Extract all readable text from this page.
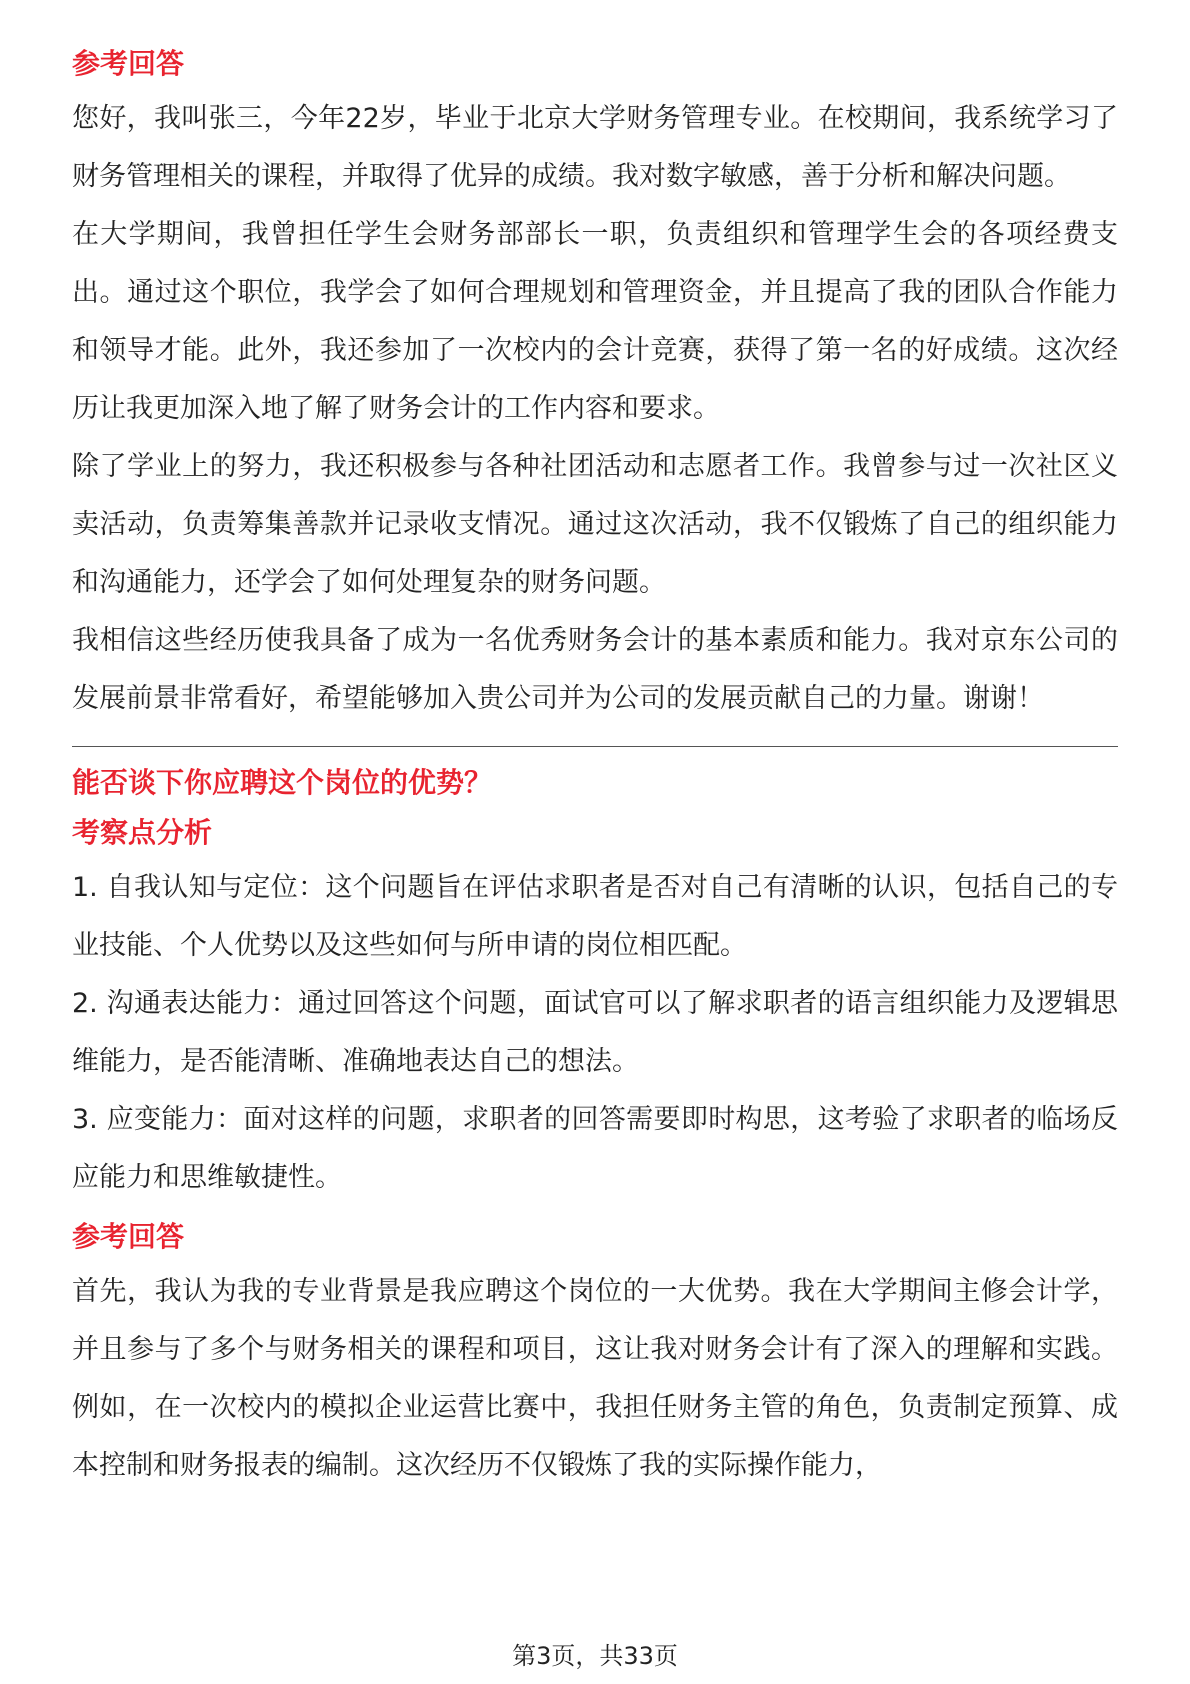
参考回答

您好，我叫张三，今年22岁，毕业于北京大学财务管理专业。在校期间，我系统学习了财务管理相关的课程，并取得了优异的成绩。我对数字敏感，善于分析和解决问题。

在大学期间，我曾担任学生会财务部部长一职，负责组织和管理学生会的各项经费支出。通过这个职位，我学会了如何合理规划和管理资金，并且提高了我的团队合作能力和领导才能。此外，我还参加了一次校内的会计竞赛，获得了第一名的好成绩。这次经历让我更加深入地了解了财务会计的工作内容和要求。

除了学业上的努力，我还积极参与各种社团活动和志愿者工作。我曾参与过一次社区义卖活动，负责筹集善款并记录收支情况。通过这次活动，我不仅锻炼了自己的组织能力和沟通能力，还学会了如何处理复杂的财务问题。

我相信这些经历使我具备了成为一名优秀财务会计的基本素质和能力。我对京东公司的发展前景非常看好，希望能够加入贵公司并为公司的发展贡献自己的力量。谢谢！

能否谈下你应聘这个岗位的优势？
考察点分析

1. 自我认知与定位：这个问题旨在评估求职者是否对自己有清晰的认识，包括自己的专业技能、个人优势以及这些如何与所申请的岗位相匹配。

2. 沟通表达能力：通过回答这个问题，面试官可以了解求职者的语言组织能力及逻辑思维能力，是否能清晰、准确地表达自己的想法。

3. 应变能力：面对这样的问题，求职者的回答需要即时构思，这考验了求职者的临场反应能力和思维敏捷性。

参考回答

首先，我认为我的专业背景是我应聘这个岗位的一大优势。我在大学期间主修会计学，并且参与了多个与财务相关的课程和项目，这让我对财务会计有了深入的理解和实践。例如，在一次校内的模拟企业运营比赛中，我担任财务主管的角色，负责制定预算、成本控制和财务报表的编制。这次经历不仅锻炼了我的实际操作能力，

第3页，共33页
